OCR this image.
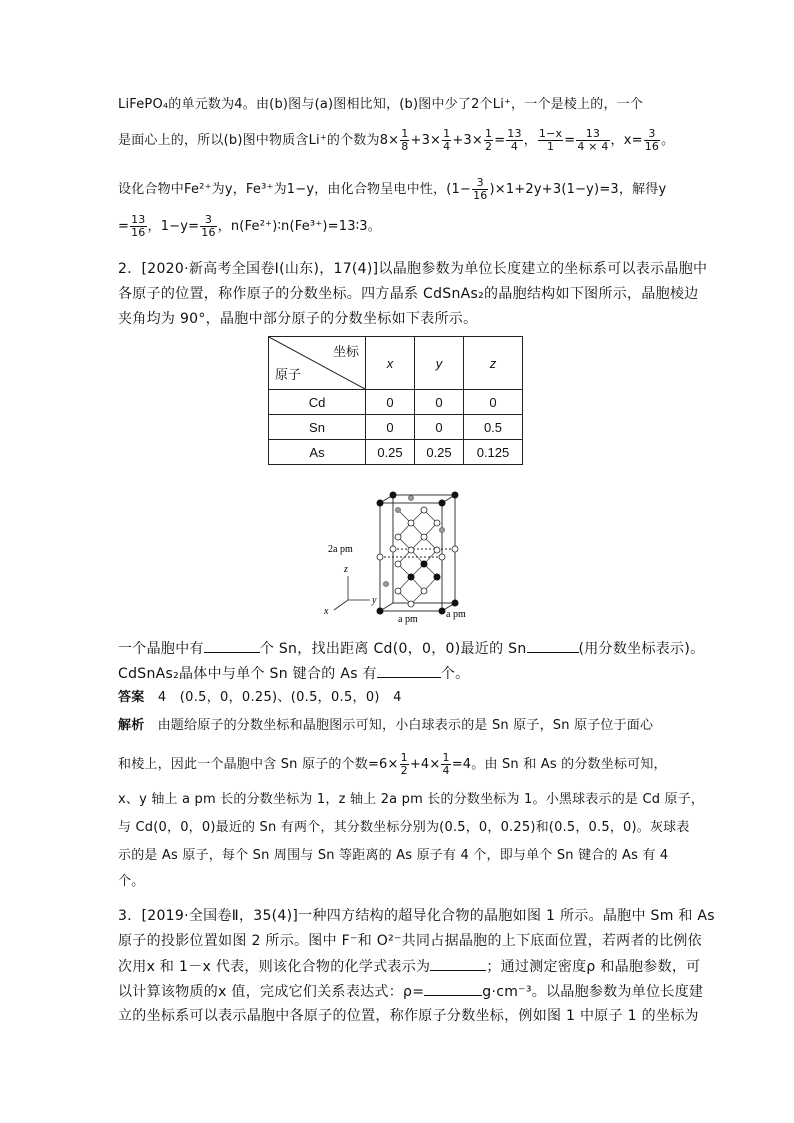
LiFePO₄的单元数为4。由(b)图与(a)图相比知，(b)图中少了2个Li⁺，一个是棱上的，一个
是面心上的，所以(b)图中物质含Li⁺的个数为$8\times \frac{1}{8} +3\times \frac{1}{4} +3\times \frac{1}{2} = \frac{13}{4}$ ， $\frac{1-x}{1} = \frac{13}{4 \times 4}$ ，$x= \frac{3}{16}$ 。
设化合物中Fe²⁺为y，Fe³⁺为1−y，由化合物呈电中性，$(1- \frac{3}{16} )\times 1+2y+3(1-y)=3$，解得y
= $\frac{13}{16}$ ，$1-y= \frac{3}{16}$ ，n(Fe²⁺)∶n(Fe³⁺)=13∶3。
2．[2020·新高考全国卷Ⅰ(山东)，17(4)]以晶胞参数为单位长度建立的坐标系可以表示晶胞中
各原子的位置，称作原子的分数坐标。四方晶系 CdSnAs₂的晶胞结构如下图所示，晶胞棱边
夹角均为 90°，晶胞中部分原子的分数坐标如下表所示。
坐标
原子	x	y	z
Cd	0	0	0
Sn	0	0	0.5
As	0.25	0.25	0.125
z
y
x
2a pm
a pm	a pm
一个晶胞中有	个 Sn，找出距离 Cd(0，0，0)最近的 Sn	(用分数坐标表示)。
CdSnAs₂晶体中与单个 Sn 键合的 As 有	个。
答案　 4　(0.5，0，0.25)、(0.5，0.5，0)　4
解析　 由题给原子的分数坐标和晶胞图示可知，小白球表示的是 Sn 原子，Sn 原子位于面心
和棱上，因此一个晶胞中含 Sn 原子的个数$=6\times \frac{1}{2} +4\times \frac{1}{4} =4$。由 Sn 和 As 的分数坐标可知，
x、y 轴上 a pm 长的分数坐标为 1，z 轴上 2a pm 长的分数坐标为 1。小黑球表示的是 Cd 原子，
与 Cd(0，0，0)最近的 Sn 有两个，其分数坐标分别为(0.5，0，0.25)和(0.5，0.5，0)。灰球表
示的是 As 原子，每个 Sn 周围与 Sn 等距离的 As 原子有 4 个，即与单个 Sn 键合的 As 有 4
个。
3．[2019·全国卷Ⅱ，35(4)]一种四方结构的超导化合物的晶胞如图 1 所示。晶胞中 Sm 和 As
原子的投影位置如图 2 所示。图中 F⁻和 O²⁻共同占据晶胞的上下底面位置，若两者的比例依
次用x 和 1－x 代表，则该化合物的化学式表示为	；通过测定密度ρ 和晶胞参数，可
以计算该物质的x 值，完成它们关系表达式：ρ=	g·cm⁻³。以晶胞参数为单位长度建
立的坐标系可以表示晶胞中各原子的位置，称作原子分数坐标，例如图 1 中原子 1 的坐标为
